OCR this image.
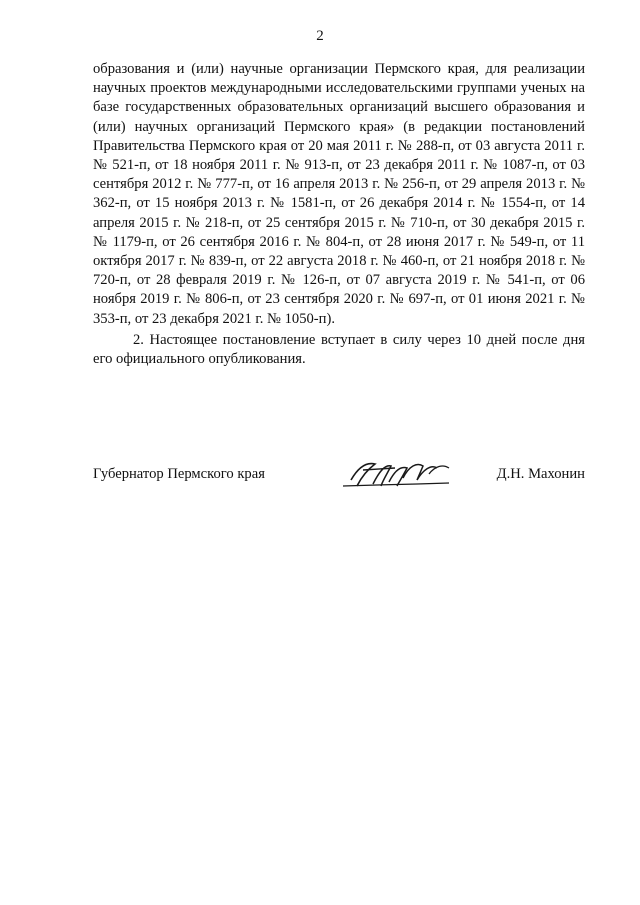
2

образования и (или) научные организации Пермского края, для реализации научных проектов международными исследовательскими группами ученых на базе государственных образовательных организаций высшего образования и (или) научных организаций Пермского края» (в редакции постановлений Правительства Пермского края от 20 мая 2011 г. № 288-п, от 03 августа 2011 г. № 521-п, от 18 ноября 2011 г. № 913-п, от 23 декабря 2011 г. № 1087-п, от 03 сентября 2012 г. № 777-п, от 16 апреля 2013 г. № 256-п, от 29 апреля 2013 г. № 362-п, от 15 ноября 2013 г. № 1581-п, от 26 декабря 2014 г. № 1554-п, от 14 апреля 2015 г. № 218-п, от 25 сентября 2015 г. № 710-п, от 30 декабря 2015 г. № 1179-п, от 26 сентября 2016 г. № 804-п, от 28 июня 2017 г. № 549-п, от 11 октября 2017 г. № 839-п, от 22 августа 2018 г. № 460-п, от 21 ноября 2018 г. № 720-п, от 28 февраля 2019 г. № 126-п, от 07 августа 2019 г. № 541-п, от 06 ноября 2019 г. № 806-п, от 23 сентября 2020 г. № 697-п, от 01 июня 2021 г. № 353-п, от 23 декабря 2021 г. № 1050-п).

2. Настоящее постановление вступает в силу через 10 дней после дня его официального опубликования.

Губернатор Пермского края	Д.Н. Махонин
